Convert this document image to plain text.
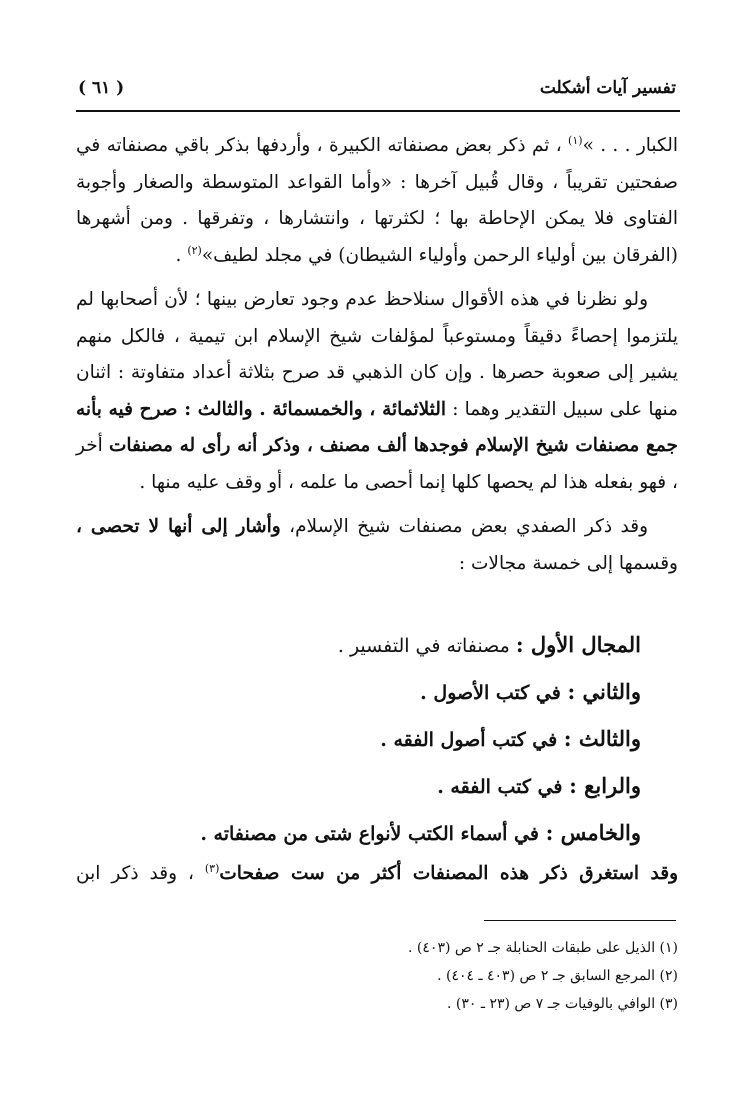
تفسير آيات أشكلت
( ٦١ )

الكبار . . . »$^{(١)}$ ، ثم ذكر بعض مصنفاته الكبيرة ، وأردفها بذكر باقي مصنفاته في صفحتين تقريباً ، وقال قُبيل آخرها : «وأما القواعد المتوسطة والصغار وأجوبة الفتاوى فلا يمكن الإحاطة بها ؛ لكثرتها ، وانتشارها ، وتفرقها . ومن أشهرها (الفرقان بين أولياء الرحمن وأولياء الشيطان) في مجلد لطيف»$^{(٢)}$ .

ولو نظرنا في هذه الأقوال سنلاحظ عدم وجود تعارض بينها ؛ لأن أصحابها لم يلتزموا إحصاءً دقيقاً ومستوعباً لمؤلفات شيخ الإسلام ابن تيمية ، فالكل منهم يشير إلى صعوبة حصرها . وإن كان الذهبي قد صرح بثلاثة أعداد متفاوتة : اثنان منها على سبيل التقدير وهما : الثلاثمائة ، والخمسمائة . والثالث : صرح فيه بأنه جمع مصنفات شيخ الإسلام فوجدها ألف مصنف ، وذكر أنه رأى له مصنفات أخر ، فهو بفعله هذا لم يحصها كلها إنما أحصى ما علمه ، أو وقف عليه منها .

وقد ذكر الصفدي بعض مصنفات شيخ الإسلام، وأشار إلى أنها لا تحصى ، وقسمها إلى خمسة مجالات :

المجال الأول : مصنفاته في التفسير .
والثاني : في كتب الأصول .
والثالث : في كتب أصول الفقه .
والرابع : في كتب الفقه .
والخامس : في أسماء الكتب لأنواع شتى من مصنفاته .
وقد استغرق ذكر هذه المصنفات أكثر من ست صفحات$^{(٣)}$ ، وقد ذكر ابن
(١) الذيل على طبقات الحنابلة جـ ٢ ص (٤٠٣) .
(٢) المرجع السابق جـ ٢ ص (٤٠٣ ـ ٤٠٤) .
(٣) الوافي بالوفيات جـ ٧ ص (٢٣ ـ ٣٠) .
